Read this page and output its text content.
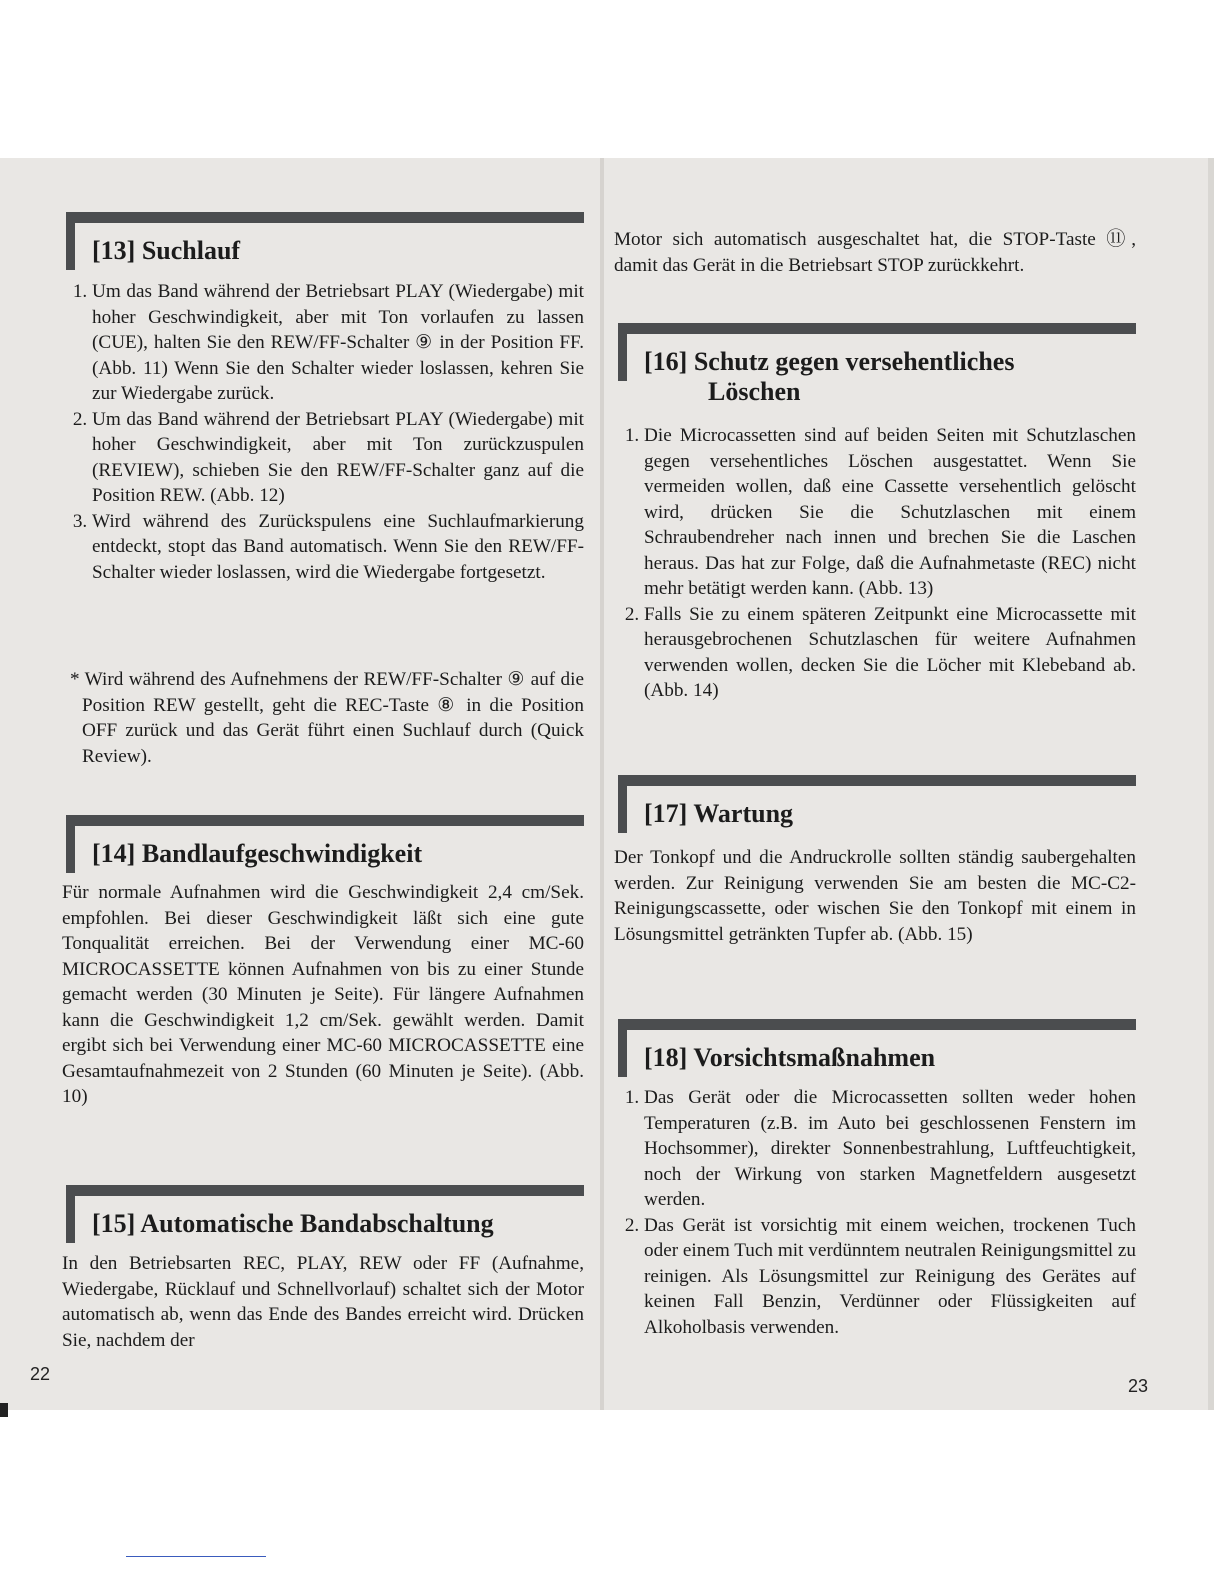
[13] Suchlauf
1. Um das Band während der Betriebsart PLAY (Wiedergabe) mit hoher Geschwindigkeit, aber mit Ton vorlaufen zu lassen (CUE), halten Sie den REW/FF-Schalter ⑨ in der Position FF. (Abb. 11) Wenn Sie den Schalter wieder loslassen, kehren Sie zur Wiedergabe zurück.
2. Um das Band während der Betriebsart PLAY (Wiedergabe) mit hoher Geschwindigkeit, aber mit Ton zurückzuspulen (REVIEW), schieben Sie den REW/FF-Schalter ganz auf die Position REW. (Abb. 12)
3. Wird während des Zurückspulens eine Suchlaufmarkierung entdeckt, stopt das Band automatisch. Wenn Sie den REW/FF-Schalter wieder loslassen, wird die Wiedergabe fortgesetzt.

* Wird während des Aufnehmens der REW/FF-Schalter ⑨ auf die Position REW gestellt, geht die REC-Taste ⑧ in die Position OFF zurück und das Gerät führt einen Suchlauf durch (Quick Review).

[14] Bandlaufgeschwindigkeit

Für normale Aufnahmen wird die Geschwindigkeit 2,4 cm/Sek. empfohlen. Bei dieser Geschwindigkeit läßt sich eine gute Tonqualität erreichen. Bei der Verwendung einer MC-60 MICROCASSETTE können Aufnahmen von bis zu einer Stunde gemacht werden (30 Minuten je Seite). Für längere Aufnahmen kann die Geschwindigkeit 1,2 cm/Sek. gewählt werden. Damit ergibt sich bei Verwendung einer MC-60 MICROCASSETTE eine Gesamtaufnahmezeit von 2 Stunden (60 Minuten je Seite). (Abb. 10)

[15] Automatische Bandabschaltung

In den Betriebsarten REC, PLAY, REW oder FF (Aufnahme, Wiedergabe, Rücklauf und Schnellvorlauf) schaltet sich der Motor automatisch ab, wenn das Ende des Bandes erreicht wird. Drücken Sie, nachdem der

22

Motor sich automatisch ausgeschaltet hat, die STOP-Taste ⑪, damit das Gerät in die Betriebsart STOP zurückkehrt.

[16] Schutz gegen versehentliches
Löschen
1. Die Microcassetten sind auf beiden Seiten mit Schutzlaschen gegen versehentliches Löschen ausgestattet. Wenn Sie vermeiden wollen, daß eine Cassette versehentlich gelöscht wird, drücken Sie die Schutzlaschen mit einem Schraubendreher nach innen und brechen Sie die Laschen heraus. Das hat zur Folge, daß die Aufnahmetaste (REC) nicht mehr betätigt werden kann. (Abb. 13)
2. Falls Sie zu einem späteren Zeitpunkt eine Microcassette mit herausgebrochenen Schutzlaschen für weitere Aufnahmen verwenden wollen, decken Sie die Löcher mit Klebeband ab. (Abb. 14)
[17] Wartung

Der Tonkopf und die Andruckrolle sollten ständig saubergehalten werden. Zur Reinigung verwenden Sie am besten die MC-C2-Reinigungscassette, oder wischen Sie den Tonkopf mit einem in Lösungsmittel getränkten Tupfer ab. (Abb. 15)

[18] Vorsichtsmaßnahmen
1. Das Gerät oder die Microcassetten sollten weder hohen Temperaturen (z.B. im Auto bei geschlossenen Fenstern im Hochsommer), direkter Sonnenbestrahlung, Luftfeuchtigkeit, noch der Wirkung von starken Magnetfeldern ausgesetzt werden.
2. Das Gerät ist vorsichtig mit einem weichen, trockenen Tuch oder einem Tuch mit verdünntem neutralen Reinigungsmittel zu reinigen. Als Lösungsmittel zur Reinigung des Gerätes auf keinen Fall Benzin, Verdünner oder Flüssigkeiten auf Alkoholbasis verwenden.
23
